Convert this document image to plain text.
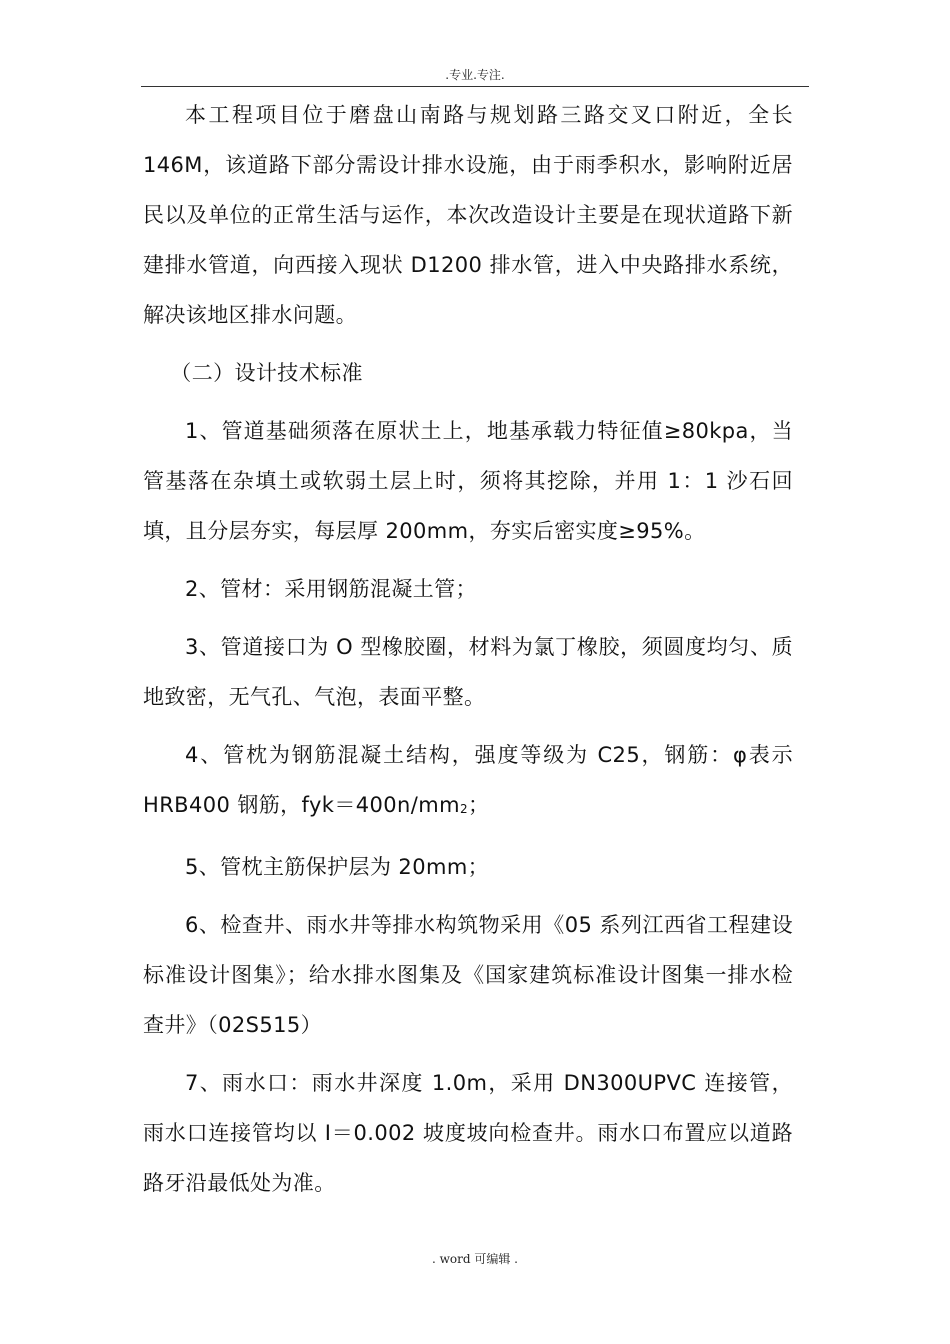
.专业.专注.

本工程项目位于磨盘山南路与规划路三路交叉口附近，全长146M，该道路下部分需设计排水设施，由于雨季积水，影响附近居民以及单位的正常生活与运作，本次改造设计主要是在现状道路下新建排水管道，向西接入现状 D1200 排水管，进入中央路排水系统，解决该地区排水问题。

（二）设计技术标准

1、管道基础须落在原状土上，地基承载力特征值≥80kpa，当管基落在杂填土或软弱土层上时，须将其挖除，并用 1：1 沙石回填，且分层夯实，每层厚 200mm，夯实后密实度≥95%。

2、管材：采用钢筋混凝土管；

3、管道接口为 O 型橡胶圈，材料为氯丁橡胶，须圆度均匀、质地致密，无气孔、气泡，表面平整。

4、管枕为钢筋混凝土结构，强度等级为 C25，钢筋：φ表示HRB400 钢筋，$fyk=400n/mm_2$；

5、管枕主筋保护层为 20mm；

6、检查井、雨水井等排水构筑物采用《05 系列江西省工程建设标准设计图集》；给水排水图集及《国家建筑标准设计图集一排水检查井》（02S515）

7、雨水口：雨水井深度 1.0m，采用 DN300UPVC 连接管，雨水口连接管均以 I＝0.002 坡度坡向检查井。雨水口布置应以道路路牙沿最低处为准。

. word 可编辑 .
